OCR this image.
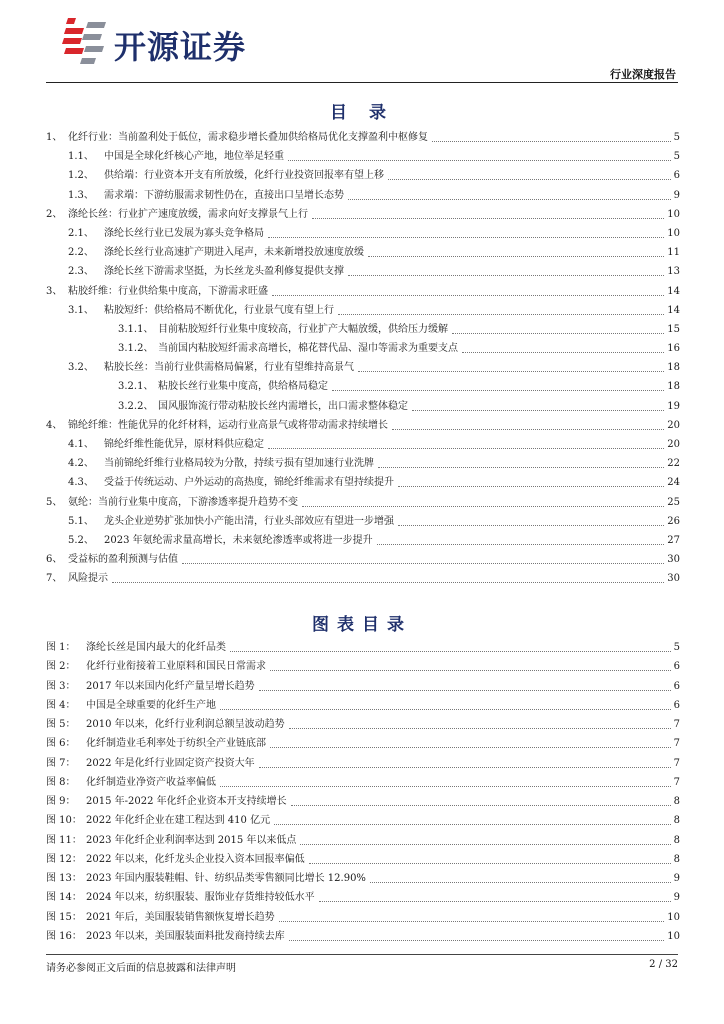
开源证券
行业深度报告
目 录
1、 化纤行业：当前盈利处于低位，需求稳步增长叠加供给格局优化支撑盈利中枢修复	5
1.1、 中国是全球化纤核心产地，地位举足轻重	5
1.2、 供给端：行业资本开支有所放缓，化纤行业投资回报率有望上移	6
1.3、 需求端：下游纺服需求韧性仍在，直接出口呈增长态势	9
2、 涤纶长丝：行业扩产速度放缓，需求向好支撑景气上行	10
2.1、 涤纶长丝行业已发展为寡头竞争格局	10
2.2、 涤纶长丝行业高速扩产期进入尾声，未来新增投放速度放缓	11
2.3、 涤纶长丝下游需求坚挺，为长丝龙头盈利修复提供支撑	13
3、 粘胶纤维：行业供给集中度高，下游需求旺盛	14
3.1、 粘胶短纤：供给格局不断优化，行业景气度有望上行	14
3.1.1、 目前粘胶短纤行业集中度较高，行业扩产大幅放缓，供给压力缓解	15
3.1.2、 当前国内粘胶短纤需求高增长，棉花替代品、湿巾等需求为重要支点	16
3.2、 粘胶长丝：当前行业供需格局偏紧，行业有望维持高景气	18
3.2.1、 粘胶长丝行业集中度高，供给格局稳定	18
3.2.2、 国风服饰流行带动粘胶长丝内需增长，出口需求整体稳定	19
4、 锦纶纤维：性能优异的化纤材料，运动行业高景气或将带动需求持续增长	20
4.1、 锦纶纤维性能优异，原材料供应稳定	20
4.2、 当前锦纶纤维行业格局较为分散，持续亏损有望加速行业洗牌	22
4.3、 受益于传统运动、户外运动的高热度，锦纶纤维需求有望持续提升	24
5、 氨纶：当前行业集中度高，下游渗透率提升趋势不变	25
5.1、 龙头企业逆势扩张加快小产能出清，行业头部效应有望进一步增强	26
5.2、 2023 年氨纶需求量高增长，未来氨纶渗透率或将进一步提升	27
6、 受益标的盈利预测与估值	30
7、 风险提示	30
图表目录
图 1： 涤纶长丝是国内最大的化纤品类	5
图 2： 化纤行业衔接着工业原料和国民日常需求	6
图 3： 2017 年以来国内化纤产量呈增长趋势	6
图 4： 中国是全球重要的化纤生产地	6
图 5： 2010 年以来，化纤行业利润总额呈波动趋势	7
图 6： 化纤制造业毛利率处于纺织全产业链底部	7
图 7： 2022 年是化纤行业固定资产投资大年	7
图 8： 化纤制造业净资产收益率偏低	7
图 9： 2015 年-2022 年化纤企业资本开支持续增长	8
图 10： 2022 年化纤企业在建工程达到 410 亿元	8
图 11： 2023 年化纤企业利润率达到 2015 年以来低点	8
图 12： 2022 年以来，化纤龙头企业投入资本回报率偏低	8
图 13： 2023 年国内服装鞋帽、针、纺织品类零售额同比增长 12.90%	9
图 14： 2024 年以来，纺织服装、服饰业存货维持较低水平	9
图 15： 2021 年后，美国服装销售额恢复增长趋势	10
图 16： 2023 年以来，美国服装面料批发商持续去库	10
请务必参阅正文后面的信息披露和法律声明	2 / 32
